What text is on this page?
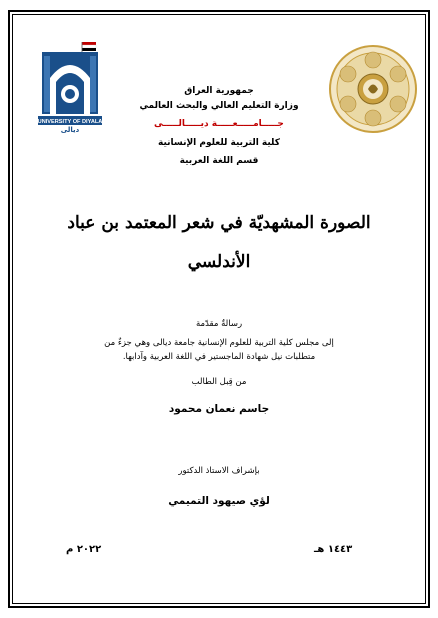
UNIVERSITY OF DIYALA
ديالى
جمهورية العراق
وزارة التعليم العالي والبحث العالمي
جـــــامـــــعـــــة ديـــــالـــــى
كلية التربية للعلوم الإنسانية
قسم اللغة العربية
الصورة المشهديّة في شعر المعتمد بن عباد
الأندلسي
رسالةٌ مقدّمة
إلى مجلس كلية التربية للعلوم الإنسانية جامعة ديالى وهي جزءٌ من
متطلبات نيل شهادة الماجستير في اللغة العربية وآدابها.
من قِبل الطالب
جاسم نعمان محمود
بإشراف الاستاذ الدكتور
لؤي صيهود التميمي
١٤٤٣ هـ
٢٠٢٢ م
